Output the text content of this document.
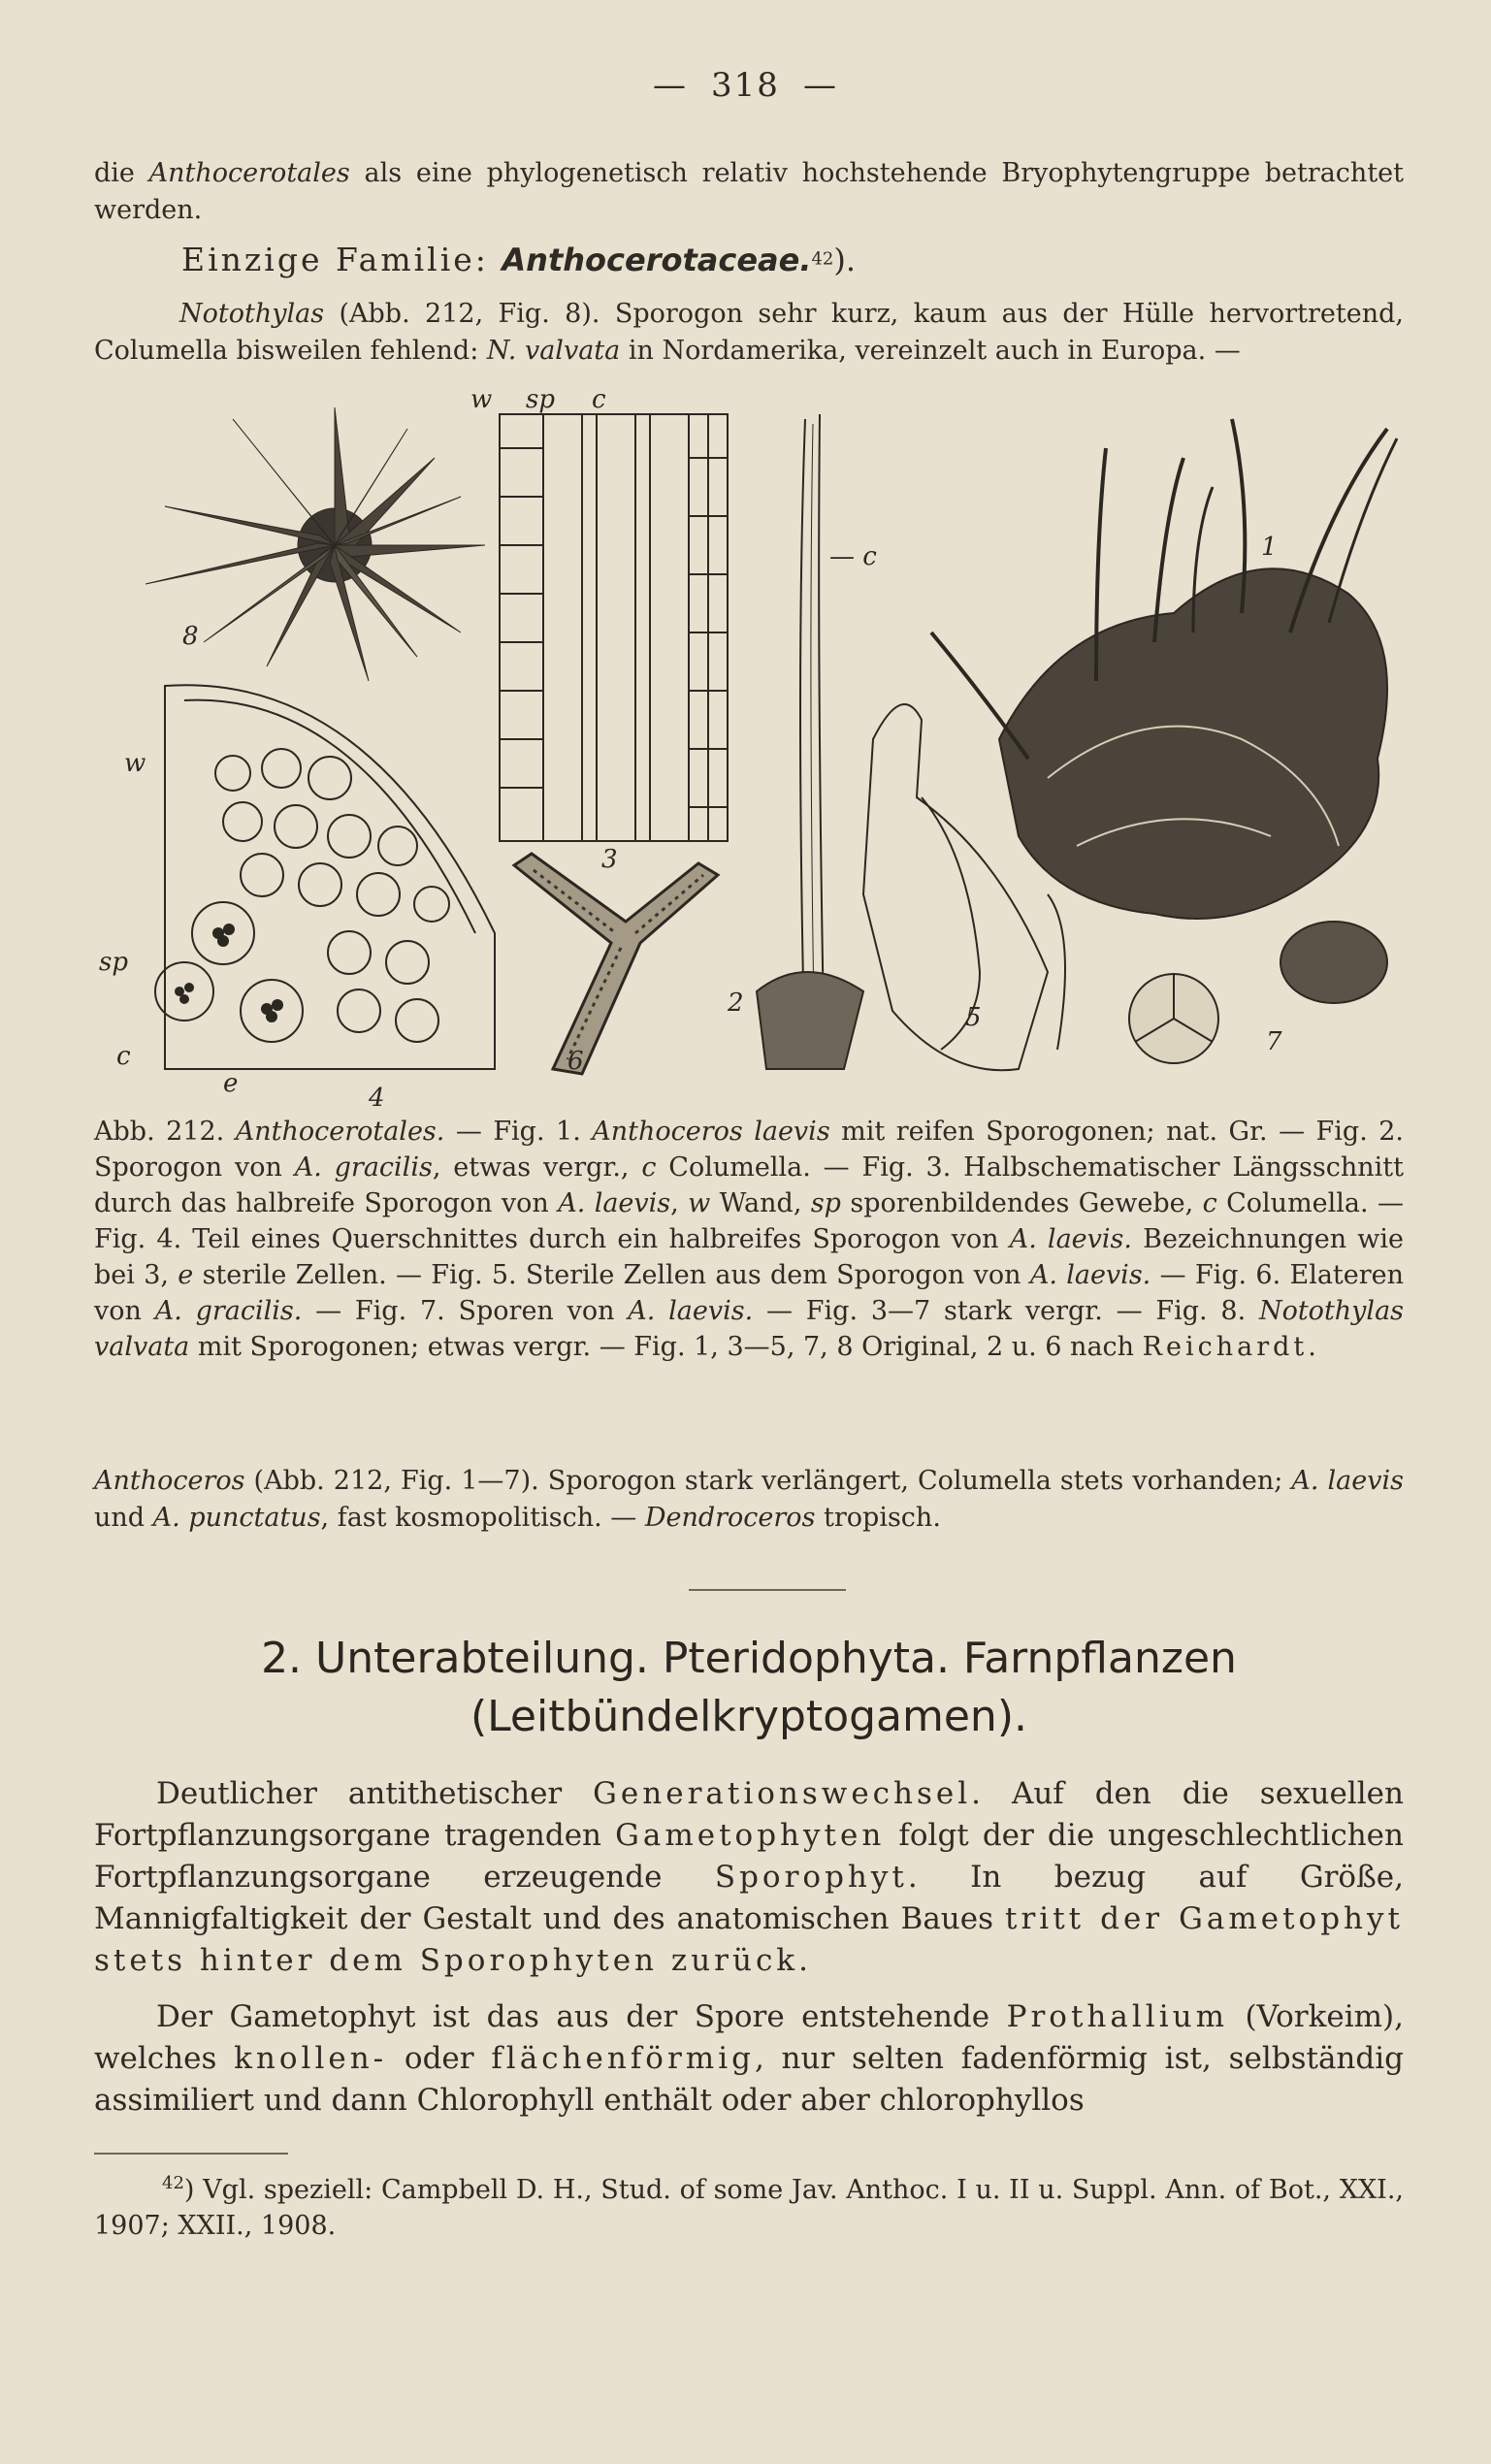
— 318 —
die Anthocerotales als eine phylogenetisch relativ hochstehende Bryophytengruppe betrachtet werden.
Einzige Familie: Anthocerotaceae.42).
Notothylas (Abb. 212, Fig. 8). Sporogon sehr kurz, kaum aus der Hülle hervortretend, Columella bisweilen fehlend: N. valvata in Nordamerika, vereinzelt auch in Europa. —
8
w sp c
3
w
sp
c
e	4
6
— c
2	5
1
7
Abb. 212. Anthocerotales. — Fig. 1. Anthoceros laevis mit reifen Sporogonen; nat. Gr. — Fig. 2. Sporogon von A. gracilis, etwas vergr., c Columella. — Fig. 3. Halbschematischer Längsschnitt durch das halbreife Sporogon von A. laevis, w Wand, sp sporenbildendes Gewebe, c Columella. — Fig. 4. Teil eines Querschnittes durch ein halbreifes Sporogon von A. laevis. Bezeichnungen wie bei 3, e sterile Zellen. — Fig. 5. Sterile Zellen aus dem Sporogon von A. laevis. — Fig. 6. Elateren von A. gracilis. — Fig. 7. Sporen von A. laevis. — Fig. 3—7 stark vergr. — Fig. 8. Notothylas valvata mit Sporogonen; etwas vergr. — Fig. 1, 3—5, 7, 8 Original, 2 u. 6 nach Reichardt.
Anthoceros (Abb. 212, Fig. 1—7). Sporogon stark verlängert, Columella stets vorhanden; A. laevis und A. punctatus, fast kosmopolitisch. — Dendroceros tropisch.
2. Unterabteilung. Pteridophyta. Farnpflanzen (Leitbündelkryptogamen).
Deutlicher antithetischer Generationswechsel. Auf den die sexuellen Fortpflanzungsorgane tragenden Gametophyten folgt der die ungeschlechtlichen Fortpflanzungsorgane erzeugende Sporophyt. In bezug auf Größe, Mannigfaltigkeit der Gestalt und des anatomischen Baues tritt der Gametophyt stets hinter dem Sporophyten zurück.
Der Gametophyt ist das aus der Spore entstehende Prothallium (Vorkeim), welches knollen- oder flächenförmig, nur selten fadenförmig ist, selbständig assimiliert und dann Chlorophyll enthält oder aber chlorophyllos
$^{42}$) Vgl. speziell: Campbell D. H., Stud. of some Jav. Anthoc. I u. II u. Suppl. Ann. of Bot., XXI., 1907; XXII., 1908.
